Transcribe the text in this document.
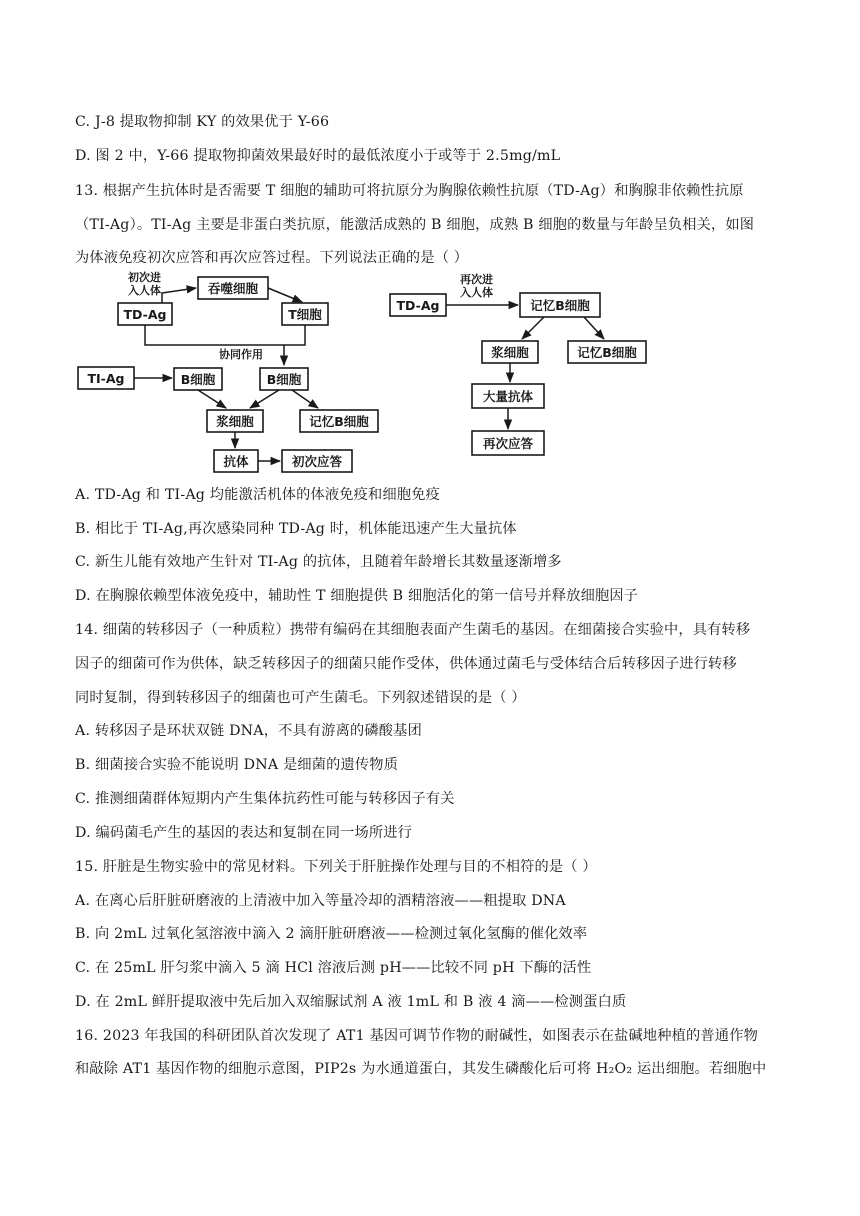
C. J-8 提取物抑制 KY 的效果优于 Y-66
D. 图 2 中，Y-66 提取物抑菌效果最好时的最低浓度小于或等于 2.5mg/mL
13. 根据产生抗体时是否需要 T 细胞的辅助可将抗原分为胸腺依赖性抗原（TD-Ag）和胸腺非依赖性抗原
（TI-Ag）。TI-Ag 主要是非蛋白类抗原，能激活成熟的 B 细胞，成熟 B 细胞的数量与年龄呈负相关，如图
为体液免疫初次应答和再次应答过程。下列说法正确的是（ ）
初次进
入人体
TD-Ag
吞噬细胞
T细胞
协同作用
TI-Ag	B细胞	B细胞
浆细胞	记忆B细胞
抗体	初次应答
再次进
入人体
TD-Ag	记忆B细胞
浆细胞	记忆B细胞
大量抗体
再次应答
A. TD-Ag 和 TI-Ag 均能激活机体的体液免疫和细胞免疫
B. 相比于 TI-Ag,再次感染同种 TD-Ag 时，机体能迅速产生大量抗体
C. 新生儿能有效地产生针对 TI-Ag 的抗体，且随着年龄增长其数量逐渐增多
D. 在胸腺依赖型体液免疫中，辅助性 T 细胞提供 B 细胞活化的第一信号并释放细胞因子
14. 细菌的转移因子（一种质粒）携带有编码在其细胞表面产生菌毛的基因。在细菌接合实验中，具有转移
因子的细菌可作为供体，缺乏转移因子的细菌只能作受体，供体通过菌毛与受体结合后转移因子进行转移
同时复制，得到转移因子的细菌也可产生菌毛。下列叙述错误的是（ ）
A. 转移因子是环状双链 DNA，不具有游离的磷酸基团
B. 细菌接合实验不能说明 DNA 是细菌的遗传物质
C. 推测细菌群体短期内产生集体抗药性可能与转移因子有关
D. 编码菌毛产生的基因的表达和复制在同一场所进行
15. 肝脏是生物实验中的常见材料。下列关于肝脏操作处理与目的不相符的是（ ）
A. 在离心后肝脏研磨液的上清液中加入等量冷却的酒精溶液——粗提取 DNA
B. 向 2mL 过氧化氢溶液中滴入 2 滴肝脏研磨液——检测过氧化氢酶的催化效率
C. 在 25mL 肝匀浆中滴入 5 滴 HCl 溶液后测 pH——比较不同 pH 下酶的活性
D. 在 2mL 鲜肝提取液中先后加入双缩脲试剂 A 液 1mL 和 B 液 4 滴——检测蛋白质
16. 2023 年我国的科研团队首次发现了 AT1 基因可调节作物的耐碱性，如图表示在盐碱地种植的普通作物
和敲除 AT1 基因作物的细胞示意图，PIP2s 为水通道蛋白，其发生磷酸化后可将 H₂O₂ 运出细胞。若细胞中
